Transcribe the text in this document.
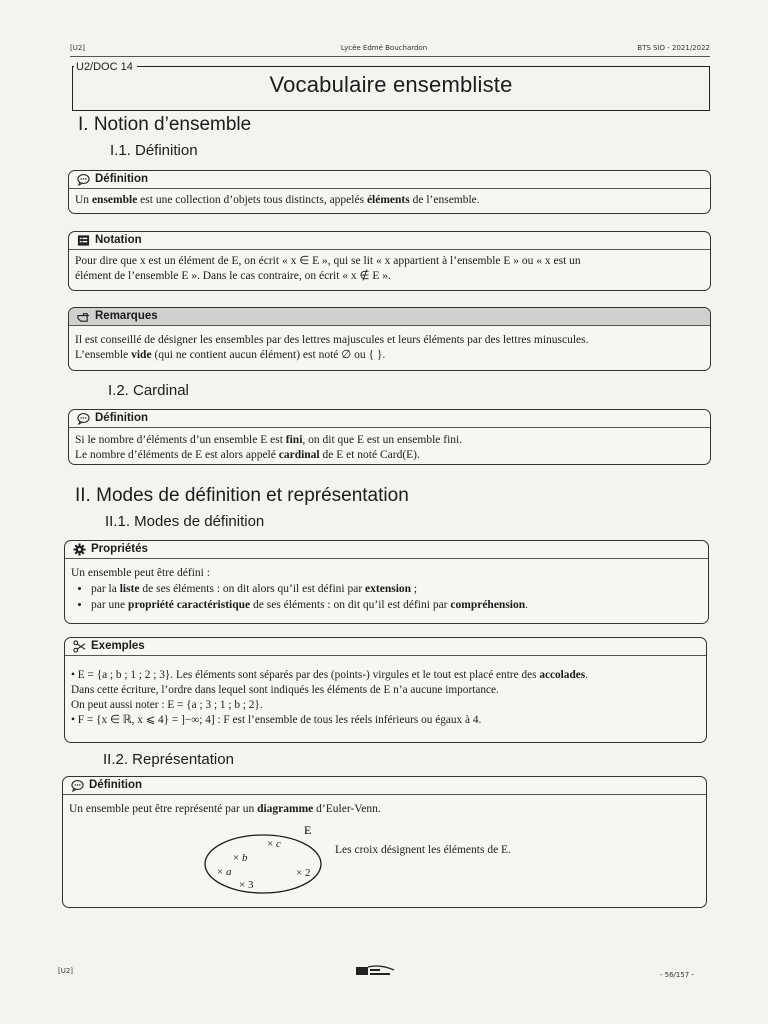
[U2]	Lycée Edmé Bouchardon	BTS SIO - 2021/2022
U2/DOC 14
Vocabulaire ensembliste
I. Notion d’ensemble
I.1. Définition
Définition
Un ensemble est une collection d’objets tous distincts, appelés éléments de l’ensemble.
Notation
Pour dire que x est un élément de E, on écrit « x ∈ E », qui se lit « x appartient à l’ensemble E » ou « x est un
élément de l’ensemble E ». Dans le cas contraire, on écrit « x ∉ E ».
Remarques
Il est conseillé de désigner les ensembles par des lettres majuscules et leurs éléments par des lettres minuscules.
L’ensemble vide (qui ne contient aucun élément) est noté ∅ ou { }.
I.2. Cardinal
Définition
Si le nombre d’éléments d’un ensemble E est fini, on dit que E est un ensemble fini.
Le nombre d’éléments de E est alors appelé cardinal de E et noté Card(E).
II. Modes de définition et représentation
II.1. Modes de définition
Propriétés
Un ensemble peut être défini :
• par la liste de ses éléments : on dit alors qu’il est défini par extension ;
• par une propriété caractéristique de ses éléments : on dit qu’il est défini par compréhension.
Exemples
• E = {a ; b ; 1 ; 2 ; 3}. Les éléments sont séparés par des (points-) virgules et le tout est placé entre des accolades.
Dans cette écriture, l’ordre dans lequel sont indiqués les éléments de E n’a aucune importance.
On peut aussi noter : E = {a ; 3 ; 1 ; b ; 2}.
• F = {x ∈ ℝ, x ⩽ 4} = ]−∞; 4] : F est l’ensemble de tous les réels inférieurs ou égaux à 4.
II.2. Représentation
Définition
Un ensemble peut être représenté par un diagramme d’Euler-Venn.
E
× c
× b
× a	× 2
× 3
Les croix désignent les éléments de E.
[U2]	- 56/157 -
